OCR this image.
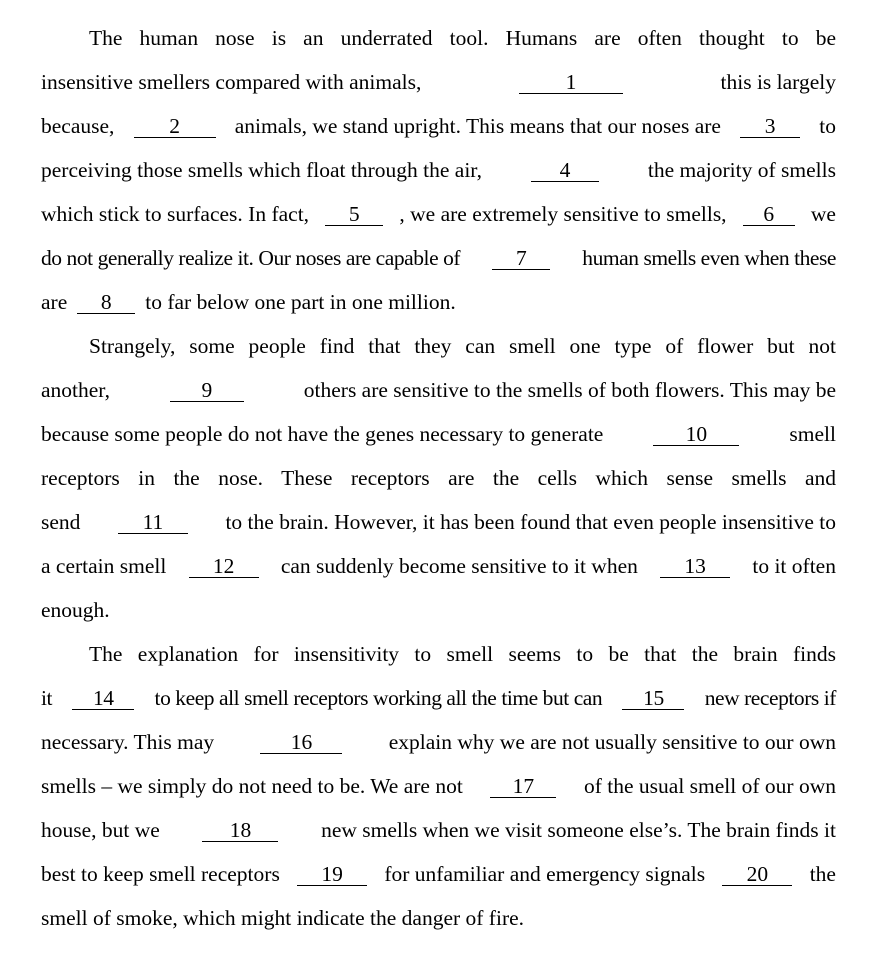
The human nose is an underrated tool. Humans are often thought to be
insensitive smellers compared with animals,	1	this is largely
because,	2	animals, we stand upright. This means that our noses are	3	to
perceiving those smells which float through the air,	4	the majority of smells
which stick to surfaces. In fact,	5	, we are extremely sensitive to smells,	6	we
do not generally realize it. Our noses are capable of	7	human smells even when these
are	8	to far below one part in one million.
Strangely, some people find that they can smell one type of flower but not
another,	9	others are sensitive to the smells of both flowers. This may be
because some people do not have the genes necessary to generate	10	smell
receptors in the nose. These receptors are the cells which sense smells and
send	11	to the brain. However, it has been found that even people insensitive to
a certain smell	12	can suddenly become sensitive to it when	13	to it often
enough.
The explanation for insensitivity to smell seems to be that the brain finds
it	14	to keep all smell receptors working all the time but can	15	new receptors if
necessary. This may	16	explain why we are not usually sensitive to our own
smells – we simply do not need to be. We are not	17	of the usual smell of our own
house, but we	18	new smells when we visit someone else’s. The brain finds it
best to keep smell receptors	19	for unfamiliar and emergency signals	20	the
smell of smoke, which might indicate the danger of fire.
